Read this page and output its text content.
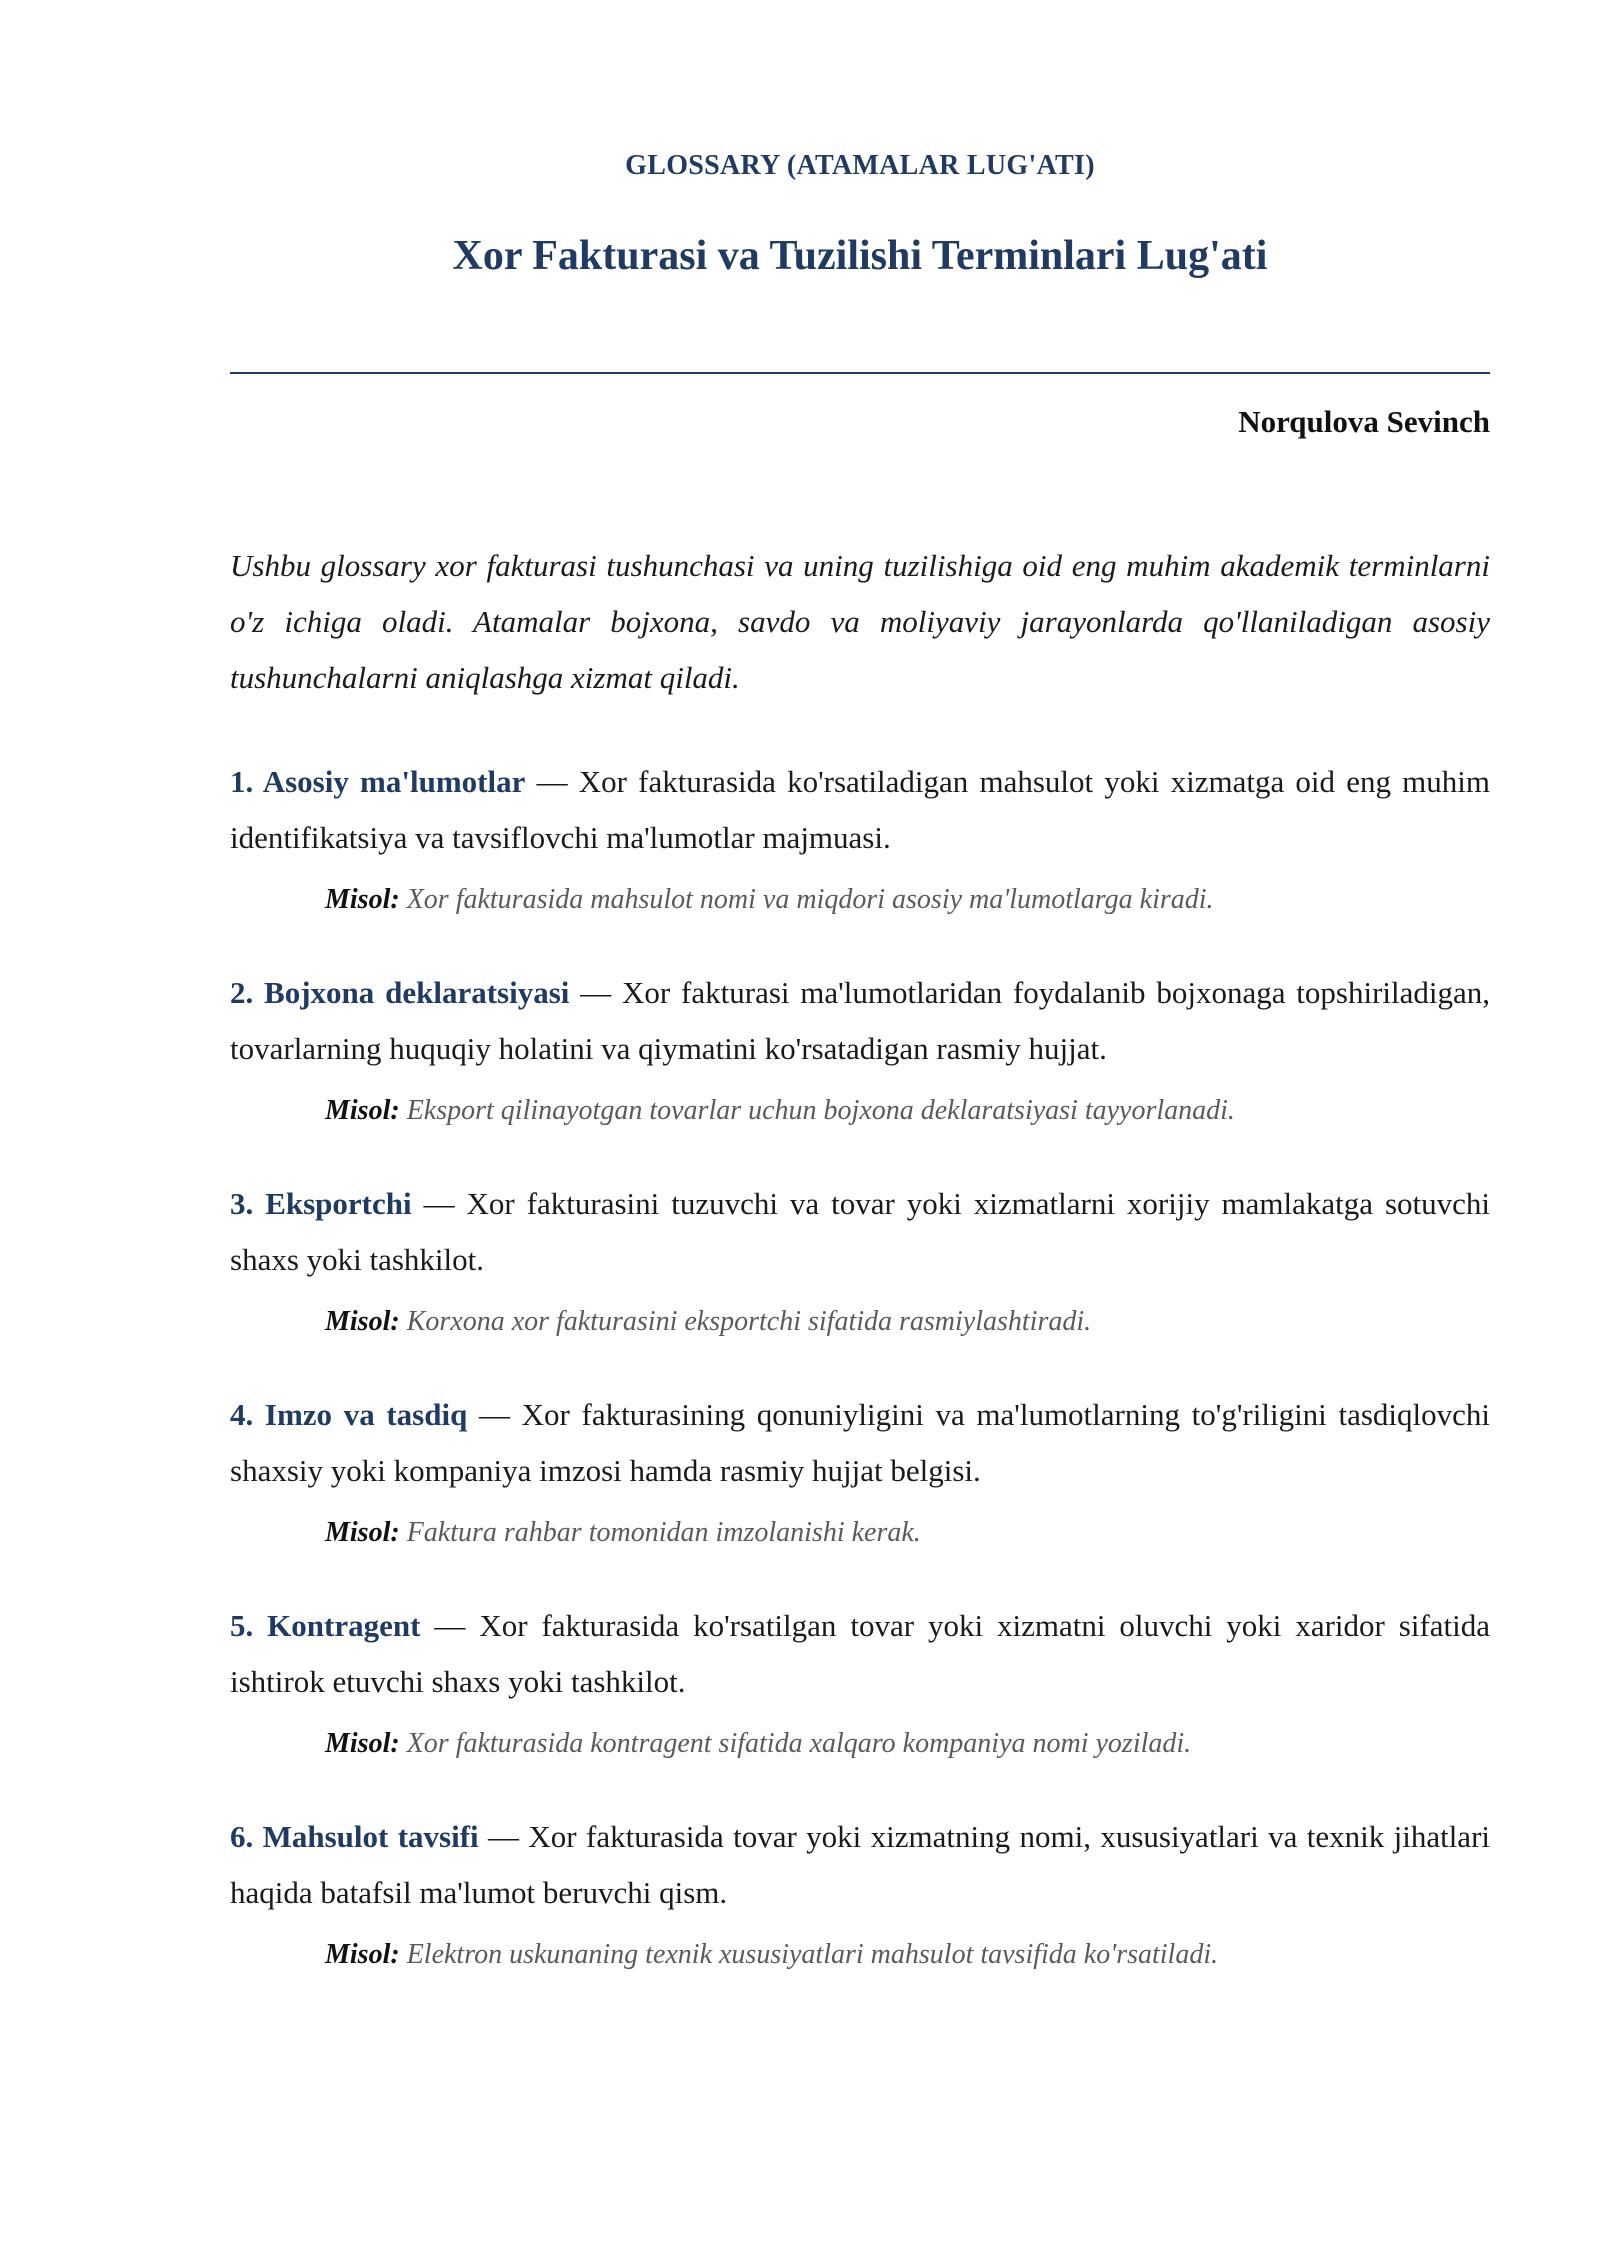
GLOSSARY (ATAMALAR LUG'ATI)
Xor Fakturasi va Tuzilishi Terminlari Lug'ati
Norqulova Sevinch

Ushbu glossary xor fakturasi tushunchasi va uning tuzilishiga oid eng muhim akademik terminlarni o'z ichiga oladi. Atamalar bojxona, savdo va moliyaviy jarayonlarda qo'llaniladigan asosiy tushunchalarni aniqlashga xizmat qiladi.

1. Asosiy ma'lumotlar — Xor fakturasida ko'rsatiladigan mahsulot yoki xizmatga oid eng muhim identifikatsiya va tavsiflovchi ma'lumotlar majmuasi.

Misol: Xor fakturasida mahsulot nomi va miqdori asosiy ma'lumotlarga kiradi.

2. Bojxona deklaratsiyasi — Xor fakturasi ma'lumotlaridan foydalanib bojxonaga topshiriladigan, tovarlarning huquqiy holatini va qiymatini ko'rsatadigan rasmiy hujjat.

Misol: Eksport qilinayotgan tovarlar uchun bojxona deklaratsiyasi tayyorlanadi.

3. Eksportchi — Xor fakturasini tuzuvchi va tovar yoki xizmatlarni xorijiy mamlakatga sotuvchi shaxs yoki tashkilot.

Misol: Korxona xor fakturasini eksportchi sifatida rasmiylashtiradi.

4. Imzo va tasdiq — Xor fakturasining qonuniyligini va ma'lumotlarning to'g'riligini tasdiqlovchi shaxsiy yoki kompaniya imzosi hamda rasmiy hujjat belgisi.

Misol: Faktura rahbar tomonidan imzolanishi kerak.

5. Kontragent — Xor fakturasida ko'rsatilgan tovar yoki xizmatni oluvchi yoki xaridor sifatida ishtirok etuvchi shaxs yoki tashkilot.

Misol: Xor fakturasida kontragent sifatida xalqaro kompaniya nomi yoziladi.

6. Mahsulot tavsifi — Xor fakturasida tovar yoki xizmatning nomi, xususiyatlari va texnik jihatlari haqida batafsil ma'lumot beruvchi qism.

Misol: Elektron uskunaning texnik xususiyatlari mahsulot tavsifida ko'rsatiladi.
